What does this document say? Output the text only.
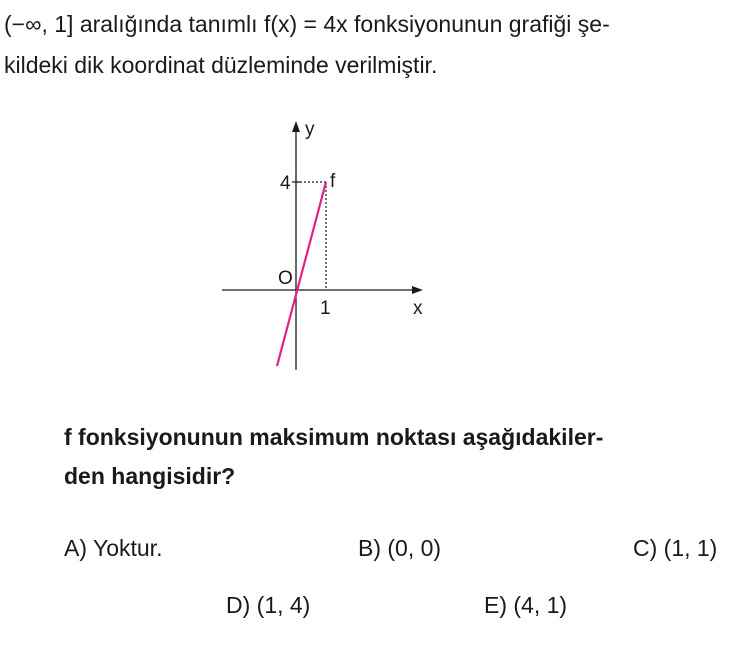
(−∞, 1] aralığında tanımlı f(x) = 4x fonksiyonunun grafiği şe-

kildeki dik koordinat düzleminde verilmiştir.

y
4 f
O
1	x

f fonksiyonunun maksimum noktası aşağıdakiler-

den hangisidir?

A) Yoktur.	B) (0, 0)	C) (1, 1)
D) (1, 4)	E) (4, 1)
